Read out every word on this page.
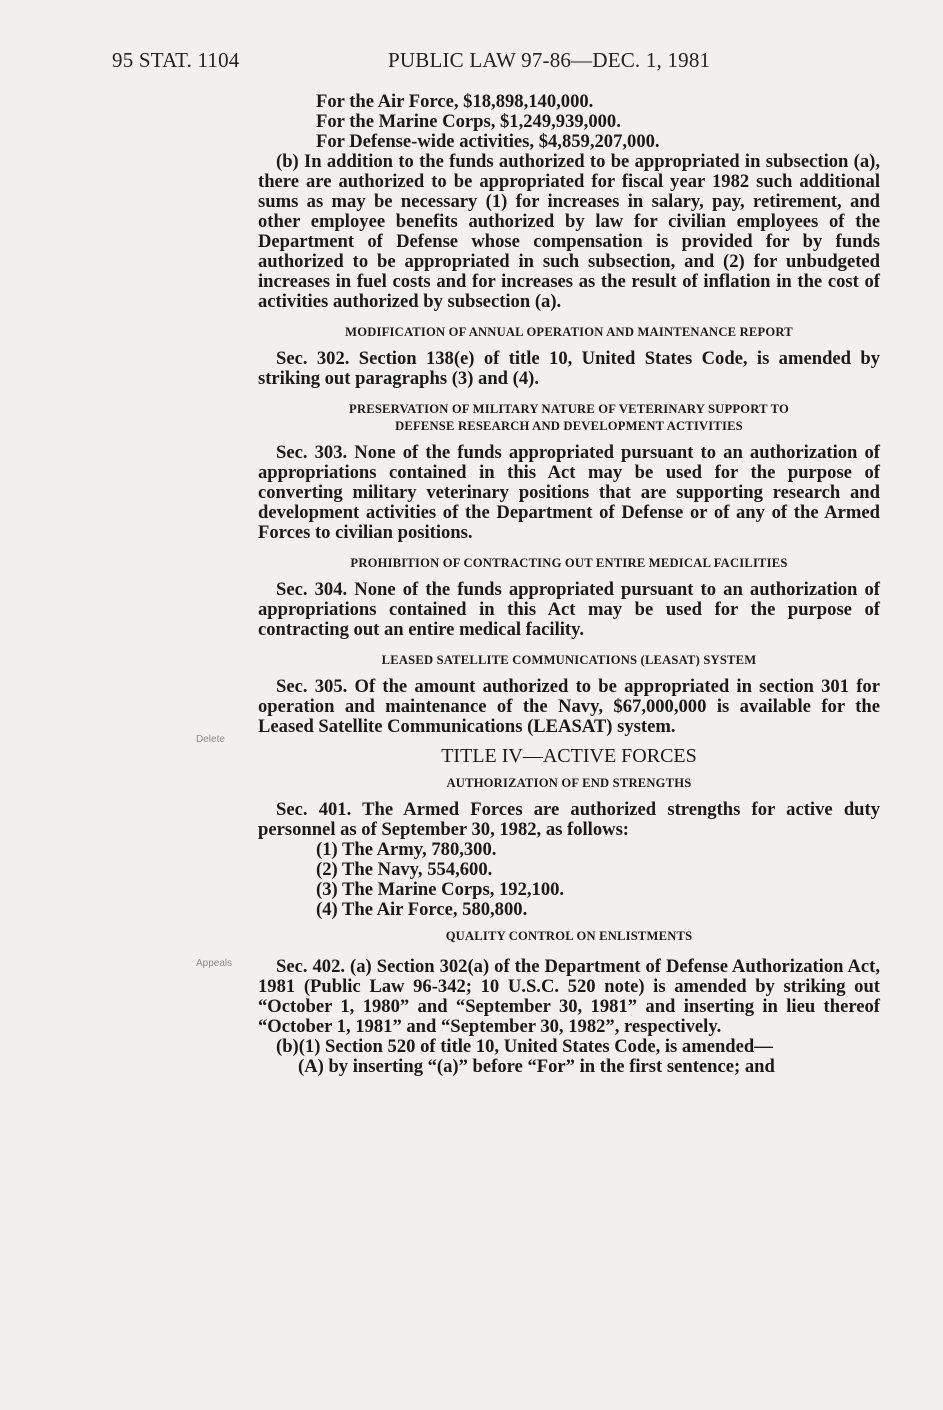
95 STAT. 1104	PUBLIC LAW 97-86—DEC. 1, 1981
Delete
Appeals

For the Air Force, $18,898,140,000.

For the Marine Corps, $1,249,939,000.

For Defense-wide activities, $4,859,207,000.

(b) In addition to the funds authorized to be appropriated in subsection (a), there are authorized to be appropriated for fiscal year 1982 such additional sums as may be necessary (1) for increases in salary, pay, retirement, and other employee benefits authorized by law for civilian employees of the Department of Defense whose compensation is provided for by funds authorized to be appropriated in such subsection, and (2) for unbudgeted increases in fuel costs and for increases as the result of inflation in the cost of activities authorized by subsection (a).

MODIFICATION OF ANNUAL OPERATION AND MAINTENANCE REPORT

Sec. 302. Section 138(e) of title 10, United States Code, is amended by striking out paragraphs (3) and (4).

PRESERVATION OF MILITARY NATURE OF VETERINARY SUPPORT TO

DEFENSE RESEARCH AND DEVELOPMENT ACTIVITIES

Sec. 303. None of the funds appropriated pursuant to an authorization of appropriations contained in this Act may be used for the purpose of converting military veterinary positions that are supporting research and development activities of the Department of Defense or of any of the Armed Forces to civilian positions.

PROHIBITION OF CONTRACTING OUT ENTIRE MEDICAL FACILITIES

Sec. 304. None of the funds appropriated pursuant to an authorization of appropriations contained in this Act may be used for the purpose of contracting out an entire medical facility.

LEASED SATELLITE COMMUNICATIONS (LEASAT) SYSTEM

Sec. 305. Of the amount authorized to be appropriated in section 301 for operation and maintenance of the Navy, $67,000,000 is available for the Leased Satellite Communications (LEASAT) system.

TITLE IV—ACTIVE FORCES

AUTHORIZATION OF END STRENGTHS

Sec. 401. The Armed Forces are authorized strengths for active duty personnel as of September 30, 1982, as follows:

(1) The Army, 780,300.

(2) The Navy, 554,600.

(3) The Marine Corps, 192,100.

(4) The Air Force, 580,800.

QUALITY CONTROL ON ENLISTMENTS

Sec. 402. (a) Section 302(a) of the Department of Defense Authorization Act, 1981 (Public Law 96-342; 10 U.S.C. 520 note) is amended by striking out “October 1, 1980” and “September 30, 1981” and inserting in lieu thereof “October 1, 1981” and “September 30, 1982”, respectively.

(b)(1) Section 520 of title 10, United States Code, is amended—

(A) by inserting “(a)” before “For” in the first sentence; and
